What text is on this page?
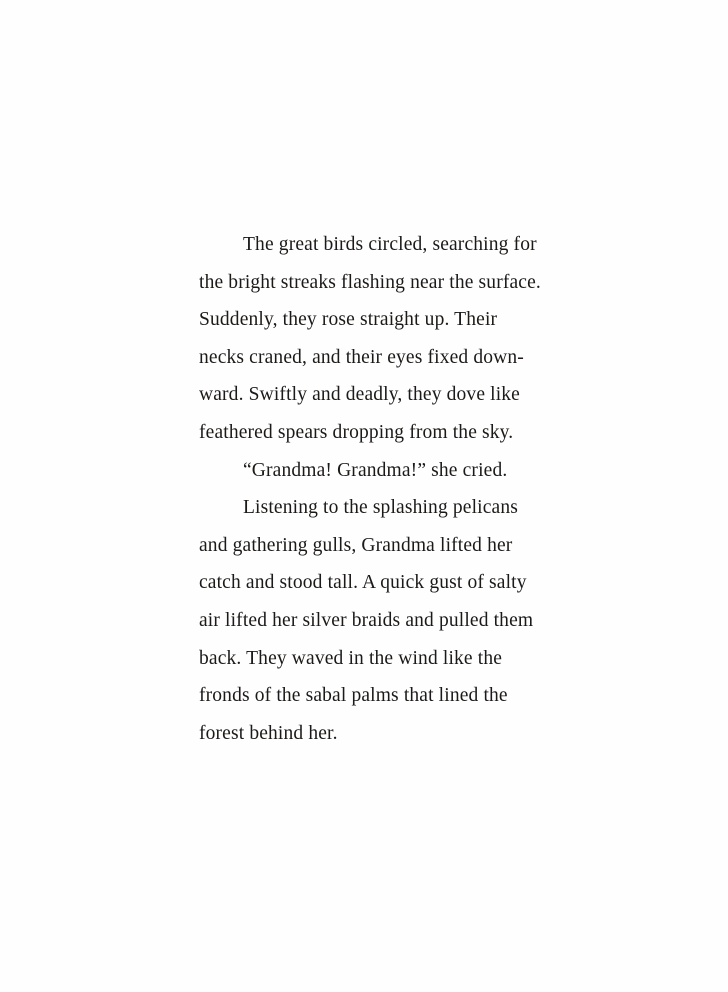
The great birds circled, searching for
the bright streaks flashing near the surface.
Suddenly, they rose straight up. Their
necks craned, and their eyes fixed down-
ward. Swiftly and deadly, they dove like
feathered spears dropping from the sky.
“Grandma! Grandma!” she cried.
Listening to the splashing pelicans
and gathering gulls, Grandma lifted her
catch and stood tall. A quick gust of salty
air lifted her silver braids and pulled them
back. They waved in the wind like the
fronds of the sabal palms that lined the
forest behind her.
